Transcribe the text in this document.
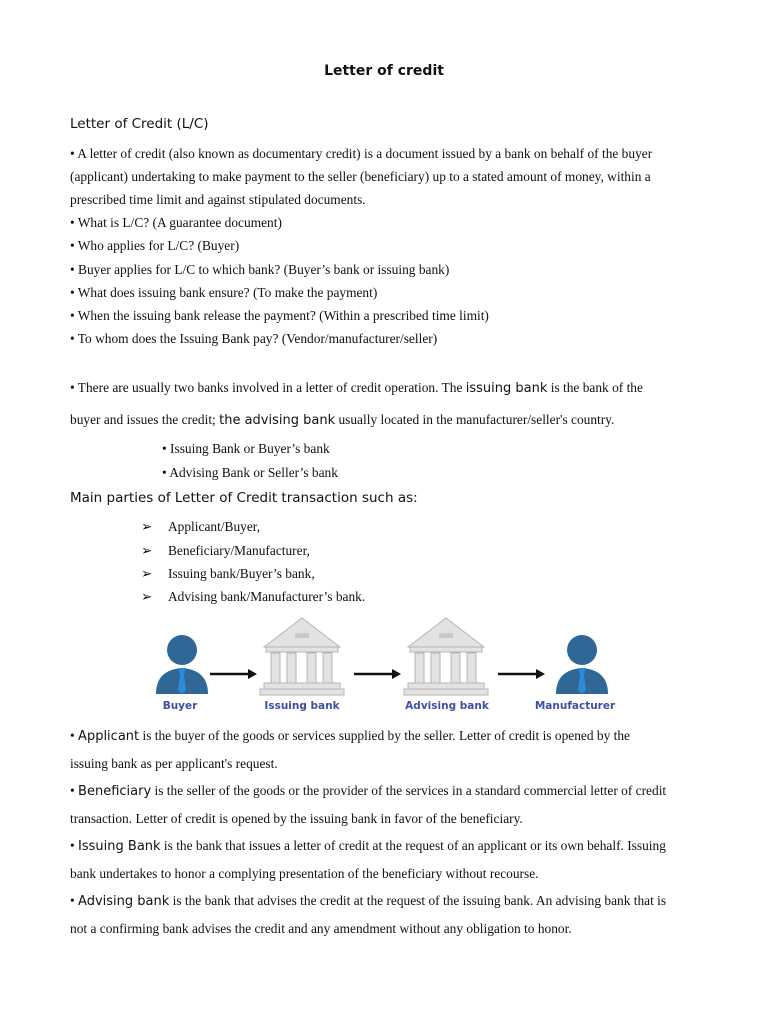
Letter of credit
Letter of Credit (L/C)

• A letter of credit (also known as documentary credit) is a document issued by a bank on behalf of the buyer

(applicant) undertaking to make payment to the seller (beneficiary) up to a stated amount of money, within a

prescribed time limit and against stipulated documents.

• What is L/C? (A guarantee document)

• Who applies for L/C? (Buyer)

• Buyer applies for L/C to which bank? (Buyer’s bank or issuing bank)

• What does issuing bank ensure? (To make the payment)

• When the issuing bank release the payment? (Within a prescribed time limit)

• To whom does the Issuing Bank pay? (Vendor/manufacturer/seller)

• There are usually two banks involved in a letter of credit operation. The issuing bank is the bank of the

buyer and issues the credit; the advising bank usually located in the manufacturer/seller's country.

• Issuing Bank or Buyer’s bank

• Advising Bank or Seller’s bank

Main parties of Letter of Credit transaction such as:

➢ Applicant/Buyer,

➢ Beneficiary/Manufacturer,

➢ Issuing bank/Buyer’s bank,

➢ Advising bank/Manufacturer’s bank.

Buyer	Issuing bank	Advising bank	Manufacturer

• Applicant is the buyer of the goods or services supplied by the seller. Letter of credit is opened by the

issuing bank as per applicant's request.

• Beneficiary is the seller of the goods or the provider of the services in a standard commercial letter of credit

transaction. Letter of credit is opened by the issuing bank in favor of the beneficiary.

• Issuing Bank is the bank that issues a letter of credit at the request of an applicant or its own behalf. Issuing

bank undertakes to honor a complying presentation of the beneficiary without recourse.

• Advising bank is the bank that advises the credit at the request of the issuing bank. An advising bank that is

not a confirming bank advises the credit and any amendment without any obligation to honor.
